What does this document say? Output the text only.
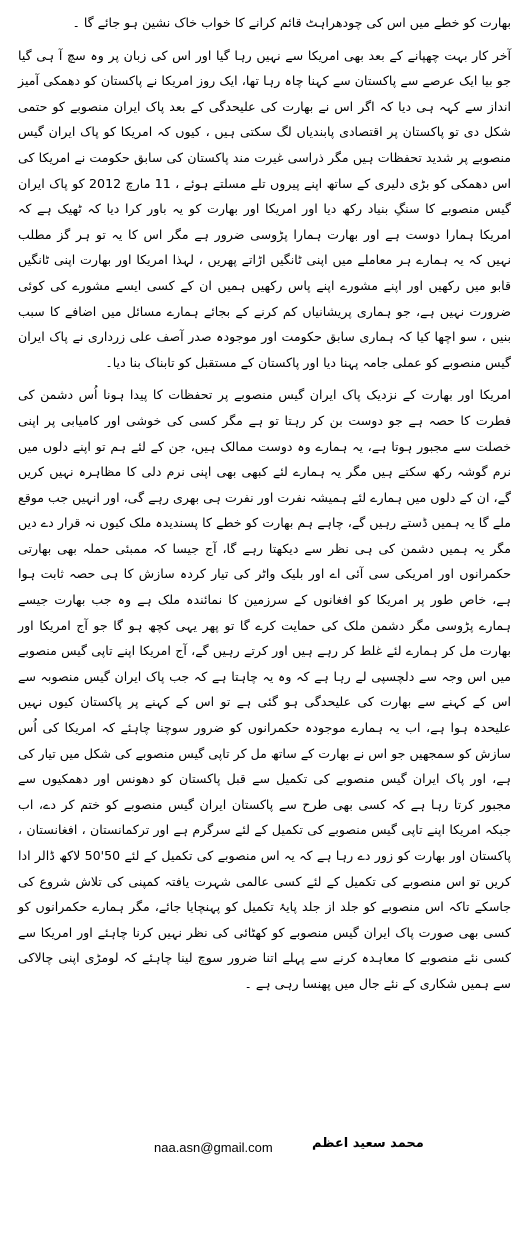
بھارت کو خطے میں اس کی چودھراہٹ قائم کرانے کا خواب خاک نشین ہو جائے گا ۔

آخر کار بہت چھپانے کے بعد بھی امریکا سے نہیں رہا گیا اور اس کی زبان پر وہ سچ آ ہی گیا جو بیا ایک عرصے سے پاکستان سے کہنا چاہ رہا تھا، ایک روز امریکا نے پاکستان کو دھمکی آمیز انداز سے کہہ ہی دیا کہ اگر اس نے بھارت کی علیحدگی کے بعد پاک ایران منصوبے کو حتمی شکل دی تو پاکستان پر اقتصادی پابندیاں لگ سکتی ہیں ، کیوں کہ امریکا کو پاک ایران گیس منصوبے پر شدید تحفظات ہیں مگر ذراسی غیرت مند پاکستان کی سابق حکومت نے امریکا کی اس دھمکی کو بڑی دلیری کے ساتھ اپنے پیروں تلے مسلتے ہوئے ، 11 مارچ 2012 کو پاک ایران گیس منصوبے کا سنگِ بنیاد رکھ دیا اور امریکا اور بھارت کو یہ باور کرا دیا کہ ٹھیک ہے کہ امریکا ہمارا دوست ہے اور بھارت ہمارا پڑوسی ضرور ہے مگر اس کا یہ تو ہر گز مطلب نہیں کہ یہ ہمارے ہر معاملے میں اپنی ٹانگیں اڑاتے پھریں ، لہذا امریکا اور بھارت اپنی ٹانگیں قابو میں رکھیں اور اپنے مشورے اپنے پاس رکھیں ہمیں ان کے کسی ایسے مشورے کی کوئی ضرورت نہیں ہے، جو ہماری پریشانیاں کم کرنے کے بجائے ہمارے مسائل میں اضافے کا سبب بنیں ، سو اچھا کیا کہ ہماری سابق حکومت اور موجودہ صدر آصف علی زرداری نے پاک ایران گیس منصوبے کو عملی جامہ پہنا دیا اور پاکستان کے مستقبل کو تابناک بنا دیا۔

امریکا اور بھارت کے نزدیک پاک ایران گیس منصوبے پر تحفظات کا پیدا ہونا اُس دشمن کی فطرت کا حصہ ہے جو دوست بن کر رہتا تو ہے مگر کسی کی خوشی اور کامیابی پر اپنی خصلت سے مجبور ہوتا ہے، یہ ہمارے وہ دوست ممالک ہیں، جن کے لئے ہم تو اپنے دلوں میں نرم گوشہ رکھ سکتے ہیں مگر یہ ہمارے لئے کبھی بھی اپنی نرم دلی کا مظاہرہ نہیں کریں گے، ان کے دلوں میں ہمارے لئے ہمیشہ نفرت اور نفرت ہی بھری رہے گی، اور انہیں جب موقع ملے گا یہ ہمیں ڈستے رہیں گے، چاہے ہم بھارت کو خطے کا پسندیدہ ملک کیوں نہ قرار دے دیں مگر یہ ہمیں دشمن کی ہی نظر سے دیکھتا رہے گا، آج جیسا کہ ممبئی حملہ بھی بھارتی حکمرانوں اور امریکی سی آئی اے اور بلیک واٹر کی تیار کردہ سازش کا ہی حصہ ثابت ہوا ہے، خاص طور پر امریکا کو افغانوں کے سرزمین کا نمائندہ ملک ہے وہ جب بھارت جیسے ہمارے پڑوسی مگر دشمن ملک کی حمایت کرے گا تو پھر یہی کچھ ہو گا جو آج امریکا اور بھارت مل کر ہمارے لئے غلط کر رہے ہیں اور کرتے رہیں گے، آج امریکا اپنے تاپی گیس منصوبے میں اس وجہ سے دلچسپی لے رہا ہے کہ وہ یہ چاہتا ہے کہ جب پاک ایران گیس منصوبہ سے اس کے کہنے سے بھارت کی علیحدگی ہو گئی ہے تو اس کے کہنے پر پاکستان کیوں نہیں علیحدہ ہوا ہے، اب یہ ہمارے موجودہ حکمرانوں کو ضرور سوچنا چاہئے کہ امریکا کی اُس سازش کو سمجھیں جو اس نے بھارت کے ساتھ مل کر تاپی گیس منصوبے کی شکل میں تیار کی ہے، اور پاک ایران گیس منصوبے کی تکمیل سے قبل پاکستان کو دھونس اور دھمکیوں سے مجبور کرتا رہا ہے کہ کسی بھی طرح سے پاکستان ایران گیس منصوبے کو ختم کر دے، اب جبکہ امریکا اپنے تاپی گیس منصوبے کی تکمیل کے لئے سرگرم ہے اور ترکمانستان ، افغانستان ، پاکستان اور بھارت کو زور دے رہا ہے کہ یہ اس منصوبے کی تکمیل کے لئے 50'50 لاکھ ڈالر ادا کریں تو اس منصوبے کی تکمیل کے لئے کسی عالمی شہرت یافتہ کمپنی کی تلاش شروع کی جاسکے تاکہ اس منصوبے کو جلد از جلد پایۂ تکمیل کو پہنچایا جائے، مگر ہمارے حکمرانوں کو کسی بھی صورت پاک ایران گیس منصوبے کو کھٹائی کی نظر نہیں کرنا چاہئے اور امریکا سے کسی نئے منصوبے کا معاہدہ کرنے سے پہلے اتنا ضرور سوچ لینا چاہئے کہ لومڑی اپنی چالاکی سے ہمیں شکاری کے نئے جال میں پھنسا رہی ہے ۔

naa.asn@gmail.com	محمد سعید اعظم
